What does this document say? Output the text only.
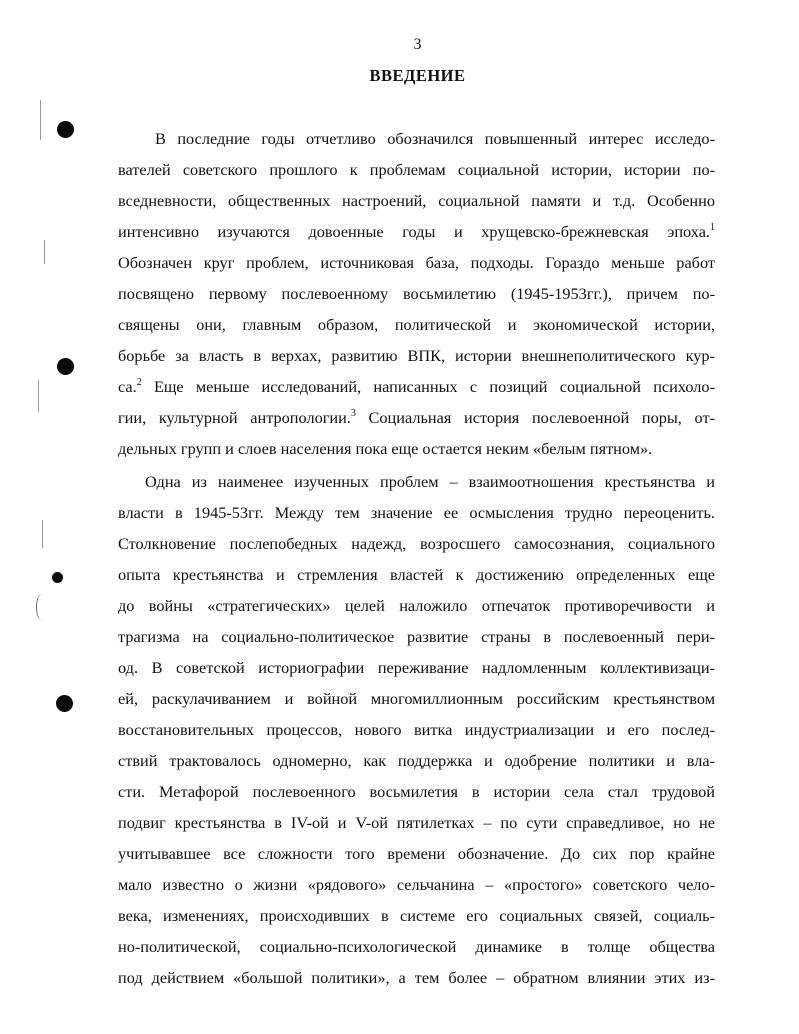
3
ВВЕДЕНИЕ
В последние годы отчетливо обозначился повышенный интерес исследо-
вателей советского прошлого к проблемам социальной истории, истории по-
вседневности, общественных настроений, социальной памяти и т.д. Особенно
интенсивно изучаются довоенные годы и хрущевско-брежневская эпоха.$^1$
Обозначен круг проблем, источниковая база, подходы. Гораздо меньше работ
посвящено первому послевоенному восьмилетию (1945-1953гг.), причем по-
священы они, главным образом, политической и экономической истории,
борьбе за власть в верхах, развитию ВПК, истории внешнеполитического кур-
са.$^2$ Еще меньше исследований, написанных с позиций социальной психоло-
гии, культурной антропологии.$^3$ Социальная история послевоенной поры, от-
дельных групп и слоев населения пока еще остается неким «белым пятном».
Одна из наименее изученных проблем – взаимоотношения крестьянства и
власти в 1945-53гг. Между тем значение ее осмысления трудно переоценить.
Столкновение послепобедных надежд, возросшего самосознания, социального
опыта крестьянства и стремления властей к достижению определенных еще
до войны «стратегических» целей наложило отпечаток противоречивости и
трагизма на социально-политическое развитие страны в послевоенный пери-
од. В советской историографии переживание надломленным коллективизаци-
ей, раскулачиванием и войной многомиллионным российским крестьянством
восстановительных процессов, нового витка индустриализации и его послед-
ствий трактовалось одномерно, как поддержка и одобрение политики и вла-
сти. Метафорой послевоенного восьмилетия в истории села стал трудовой
подвиг крестьянства в IV-ой и V-ой пятилетках – по сути справедливое, но не
учитывавшее все сложности того времени обозначение. До сих пор крайне
мало известно о жизни «рядового» сельчанина – «простого» советского чело-
века, изменениях, происходивших в системе его социальных связей, социаль-
но-политической, социально-психологической динамике в толще общества
под действием «большой политики», а тем более – обратном влиянии этих из-
